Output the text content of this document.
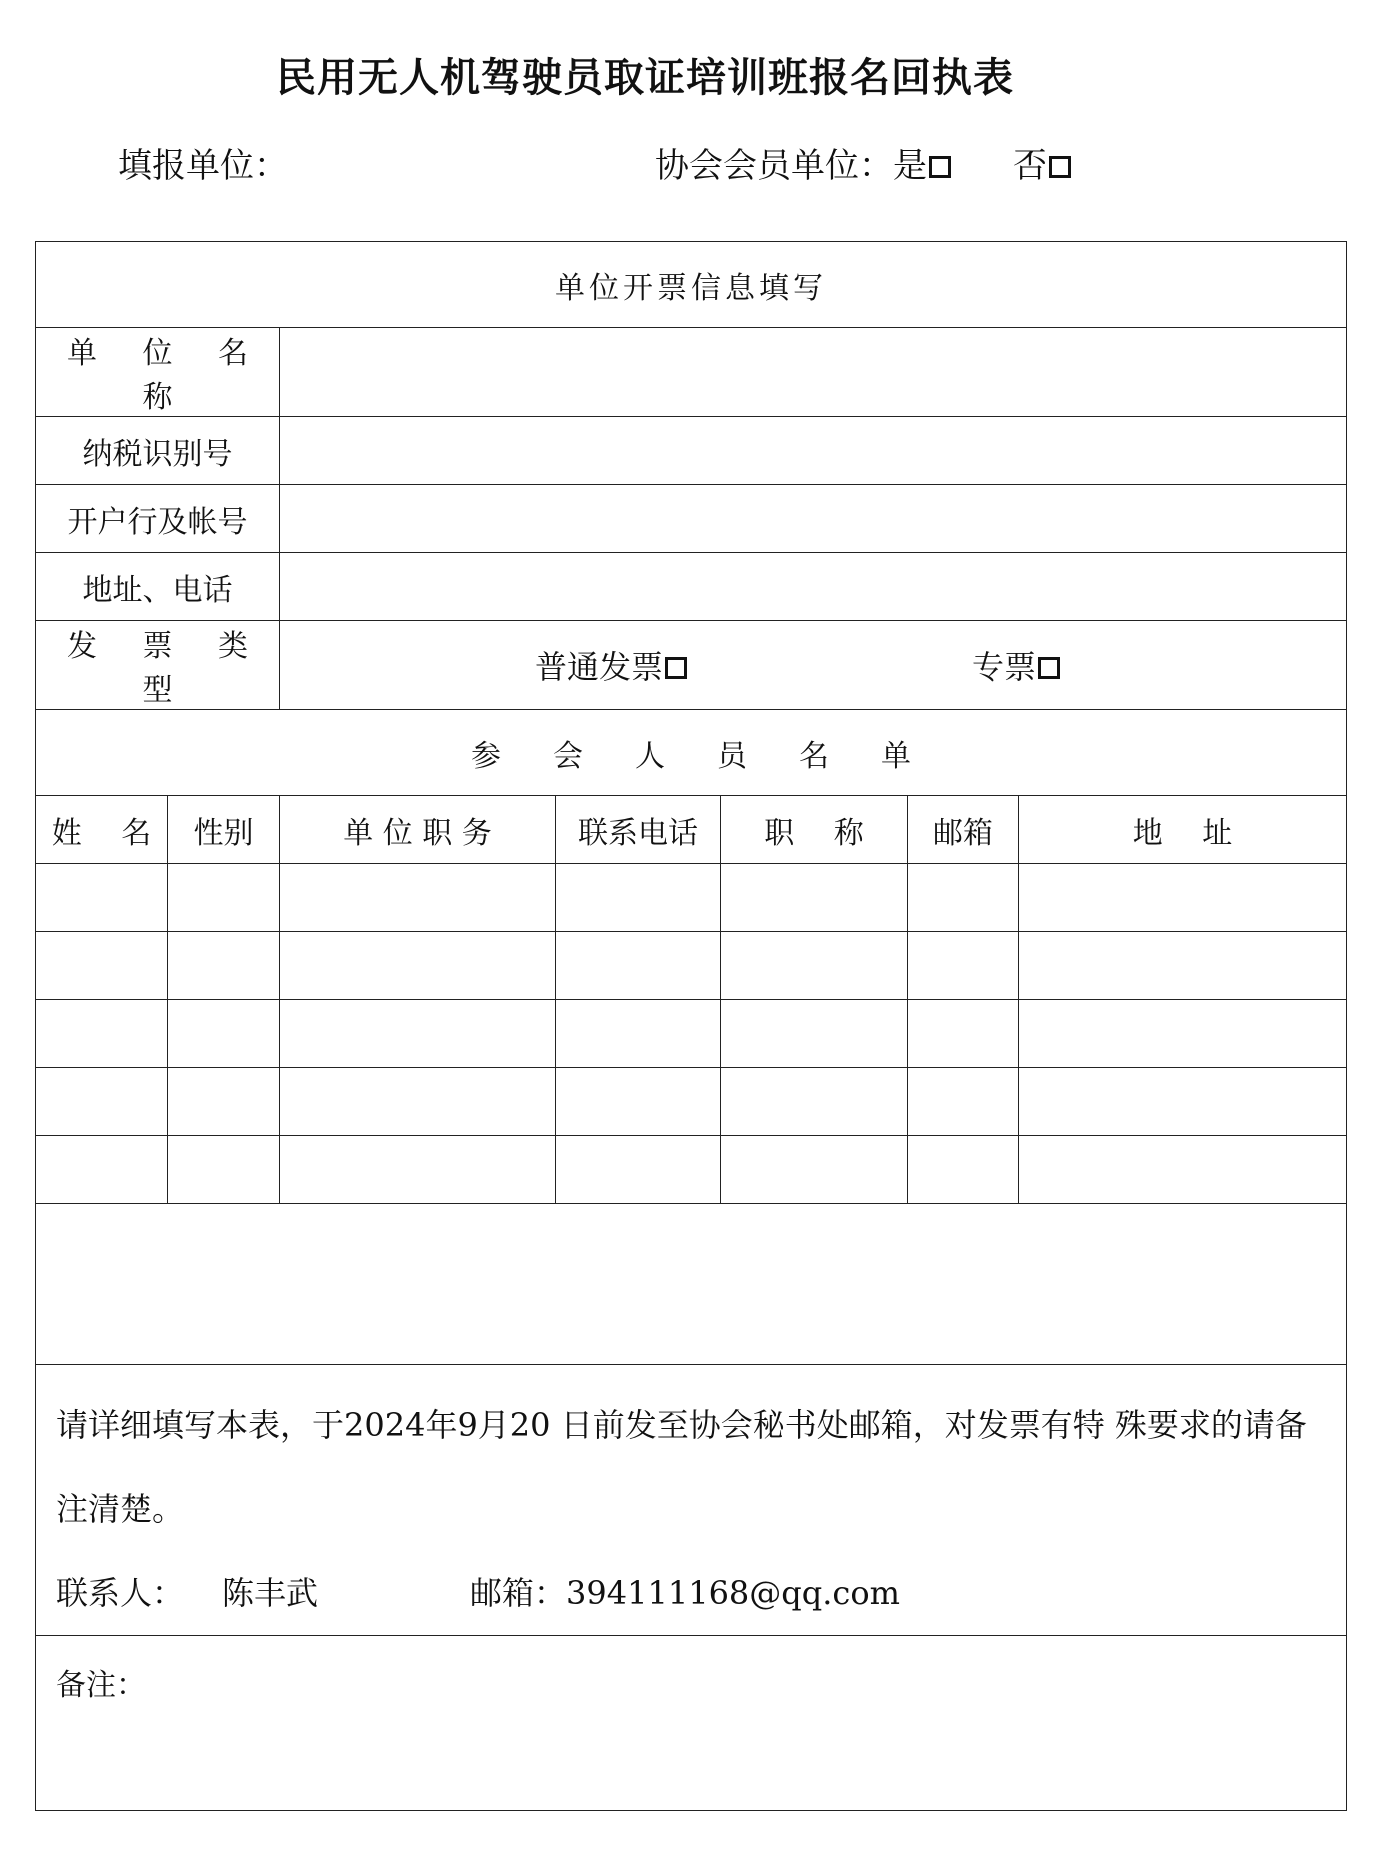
民用无人机驾驶员取证培训班报名回执表
填报单位：	协会会员单位：是	否
单位开票信息填写						
单 位 名 称						
纳税识别号						
开户行及帐号						
地址、电话						
发 票 类 型		普通发票 专票				

参 会 人 员 名 单						
姓　 名	性别	单 位 职 务	联系电话	职　 称	邮箱	地　 址

请详细填写本表，于2024年9月20 日前发至协会秘书处邮箱，对发票有特 殊要求的请备注清楚。
联系人： 陈丰武 邮箱：394111168@qq.com						

备注：						
